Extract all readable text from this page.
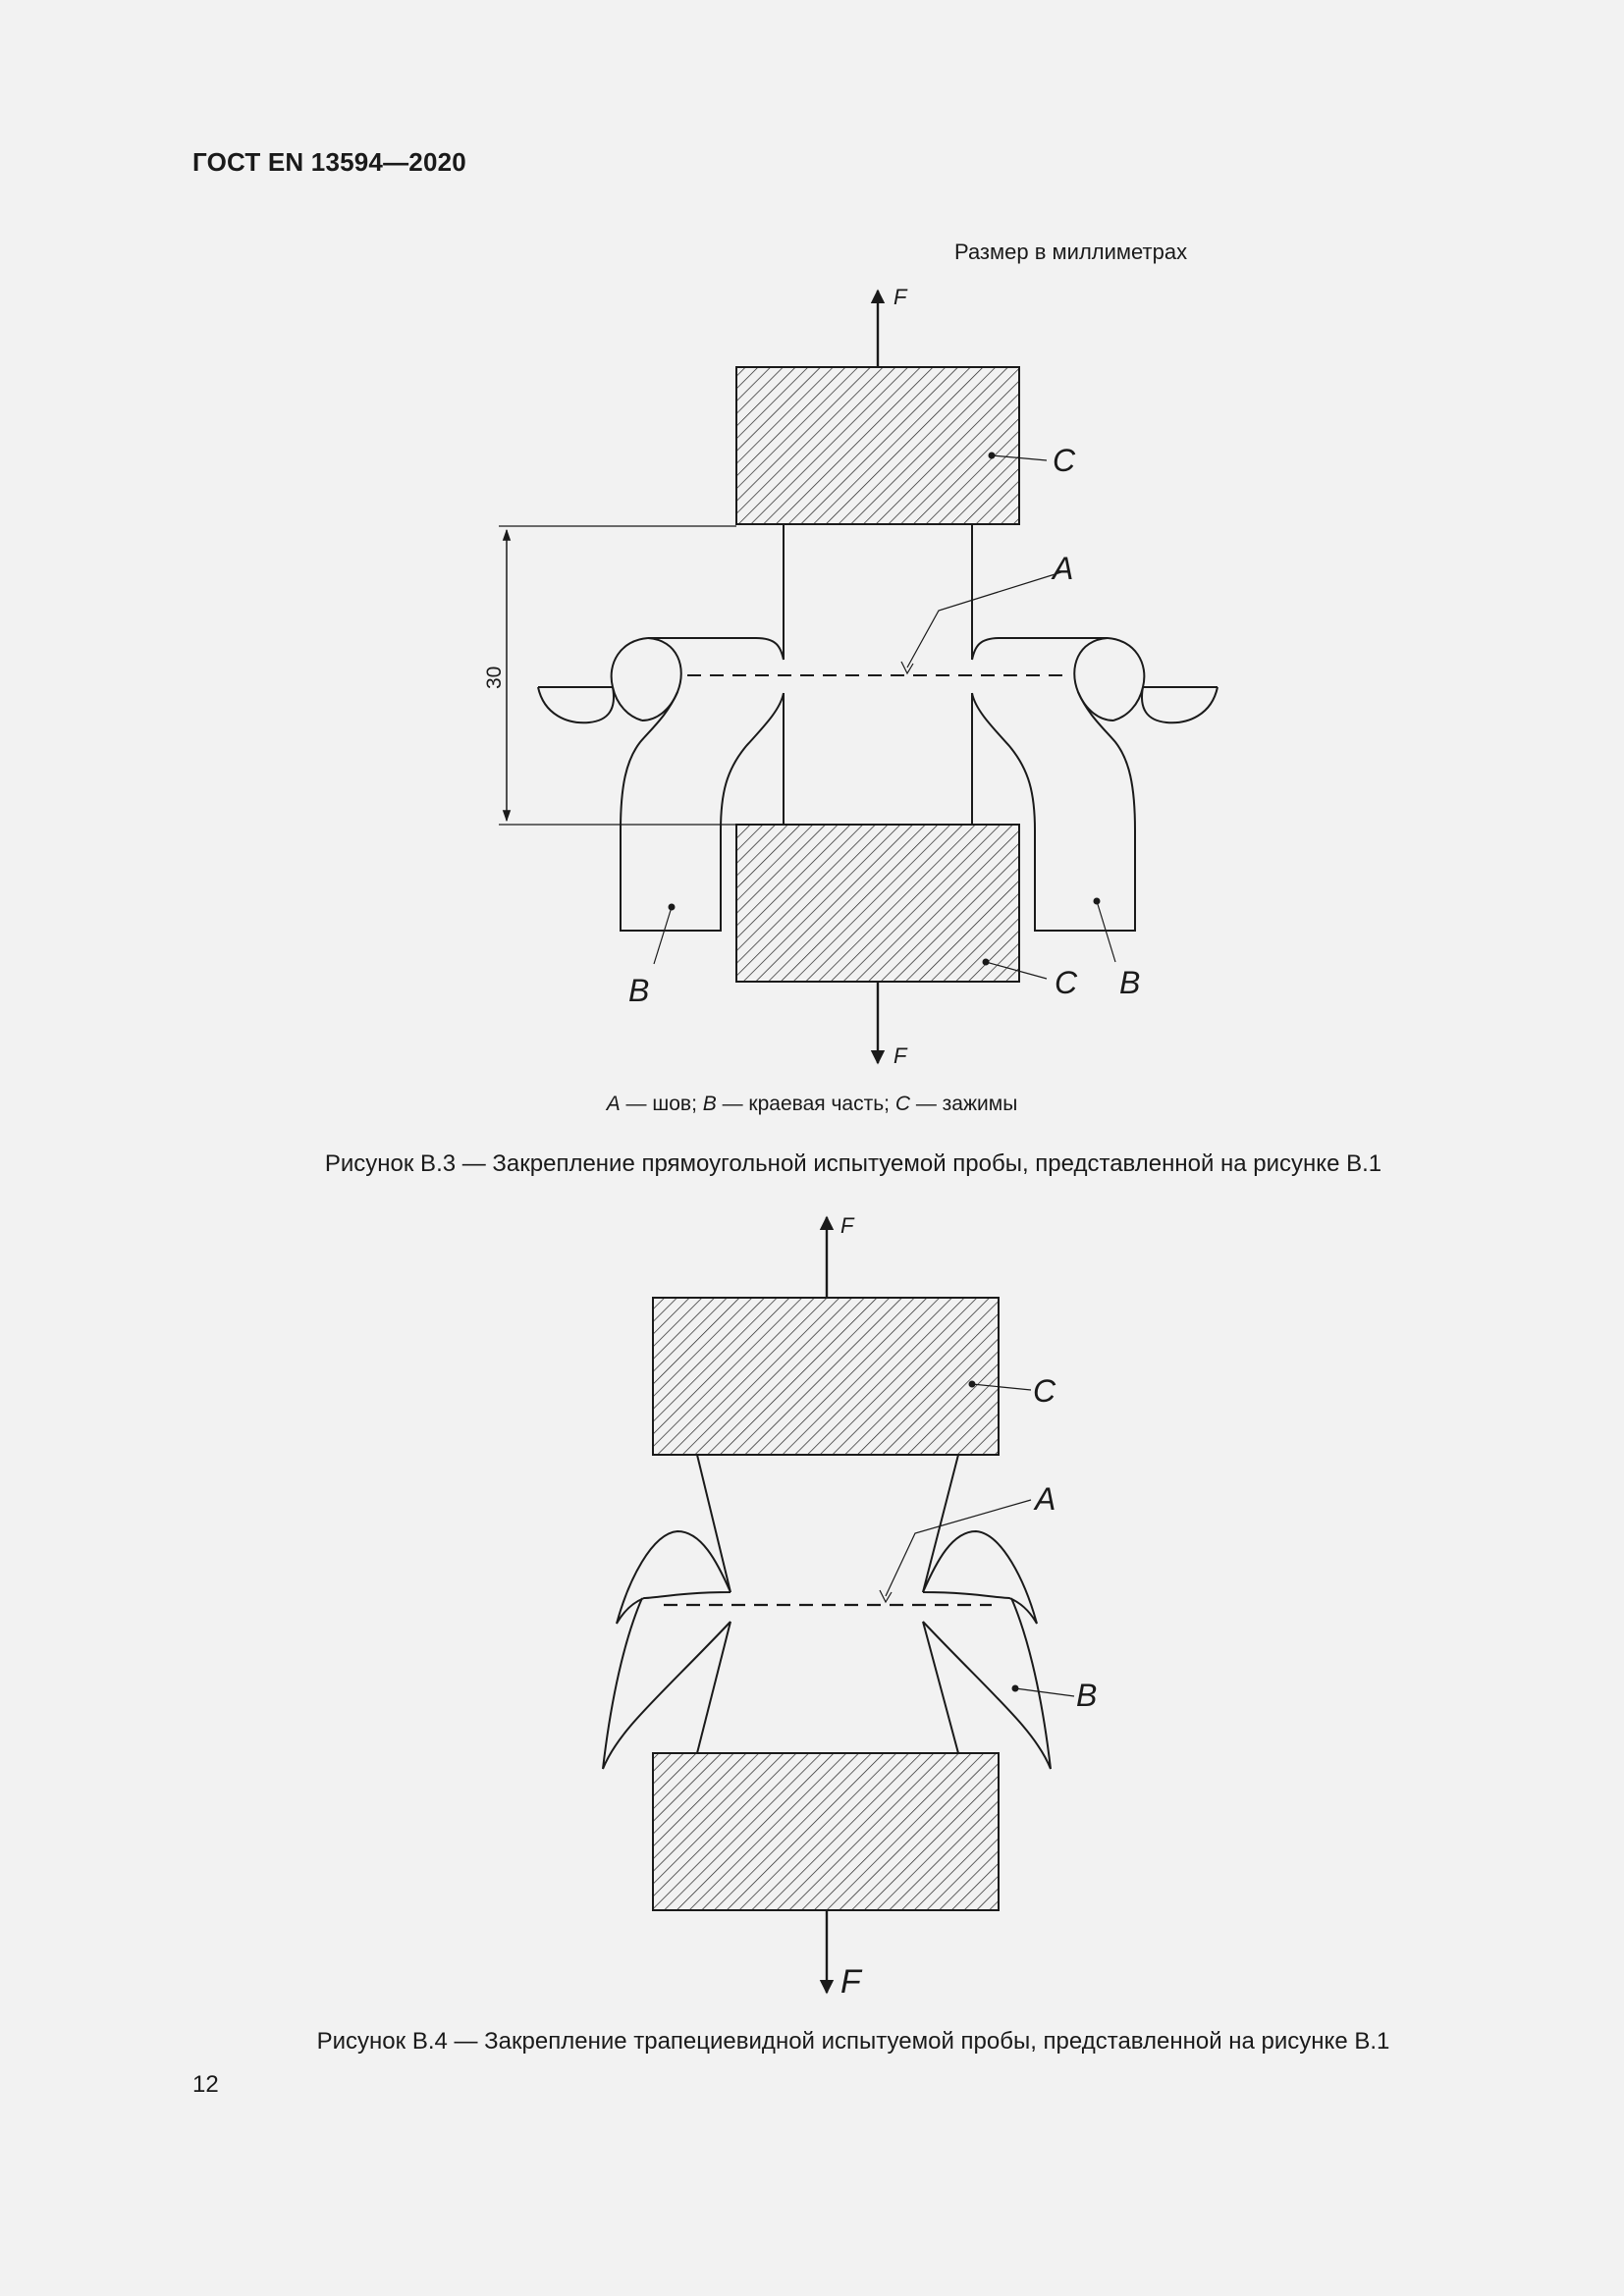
ГОСТ EN 13594—2020
Размер в миллиметрах
F
F
C
A
B	C B
30
F
C
A
B
F
A — шов; B — краевая часть; C — зажимы
Рисунок В.3 — Закрепление прямоугольной испытуемой пробы, представленной на рисунке В.1
Рисунок В.4 — Закрепление трапециевидной испытуемой пробы, представленной на рисунке В.1
12
